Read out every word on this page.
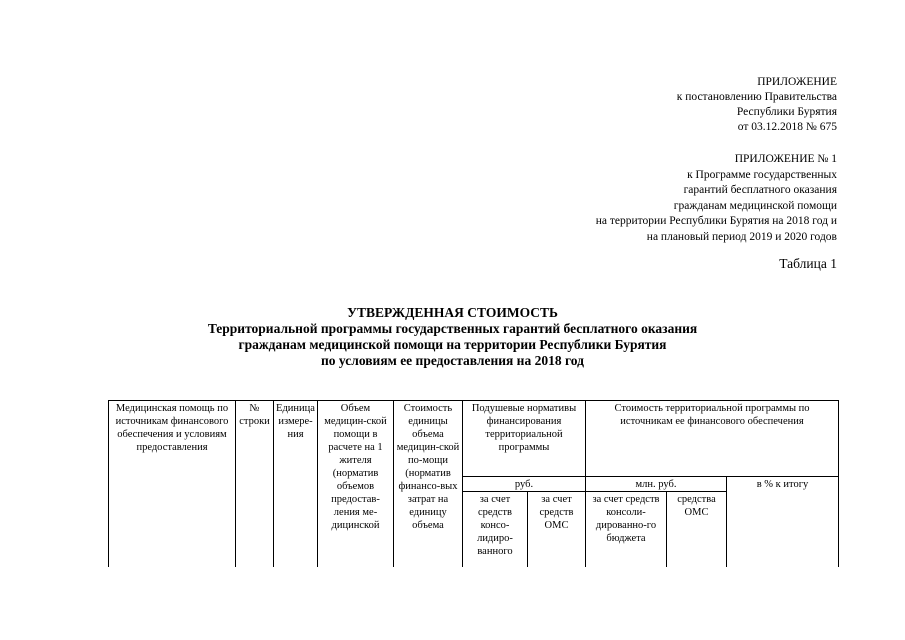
ПРИЛОЖЕНИЕ
к постановлению Правительства
Республики Бурятия
от 03.12.2018 № 675
ПРИЛОЖЕНИЕ № 1
к Программе государственных
гарантий бесплатного оказания
гражданам медицинской помощи
на территории Республики Бурятия на 2018 год и
на плановый период 2019 и 2020 годов
Таблица 1
УТВЕРЖДЕННАЯ СТОИМОСТЬ
Территориальной программы государственных гарантий бесплатного оказания
гражданам медицинской помощи на территории Республики Бурятия
по условиям ее предоставления на 2018 год
Медицинская помощь по источникам финансового обеспечения и условиям предоставления	№ строки	Единица измере-ния	Объем медицин-ской помощи в расчете на 1 жителя (норматив объемов предостав-ления ме-дицинской	Стоимость единицы объема медицин-ской по-мощи (норматив финансо-вых затрат на единицу объема	Подушевые нормативы финансирования территориальной программы		Стоимость территориальной программы по источникам ее финансового обеспечения		
					руб.		млн. руб.		в % к итогу
					за счет средств консо-лидиро-ванного	за счет средств ОМС	за счет средств консоли-дированно-го бюджета	средства ОМС	
